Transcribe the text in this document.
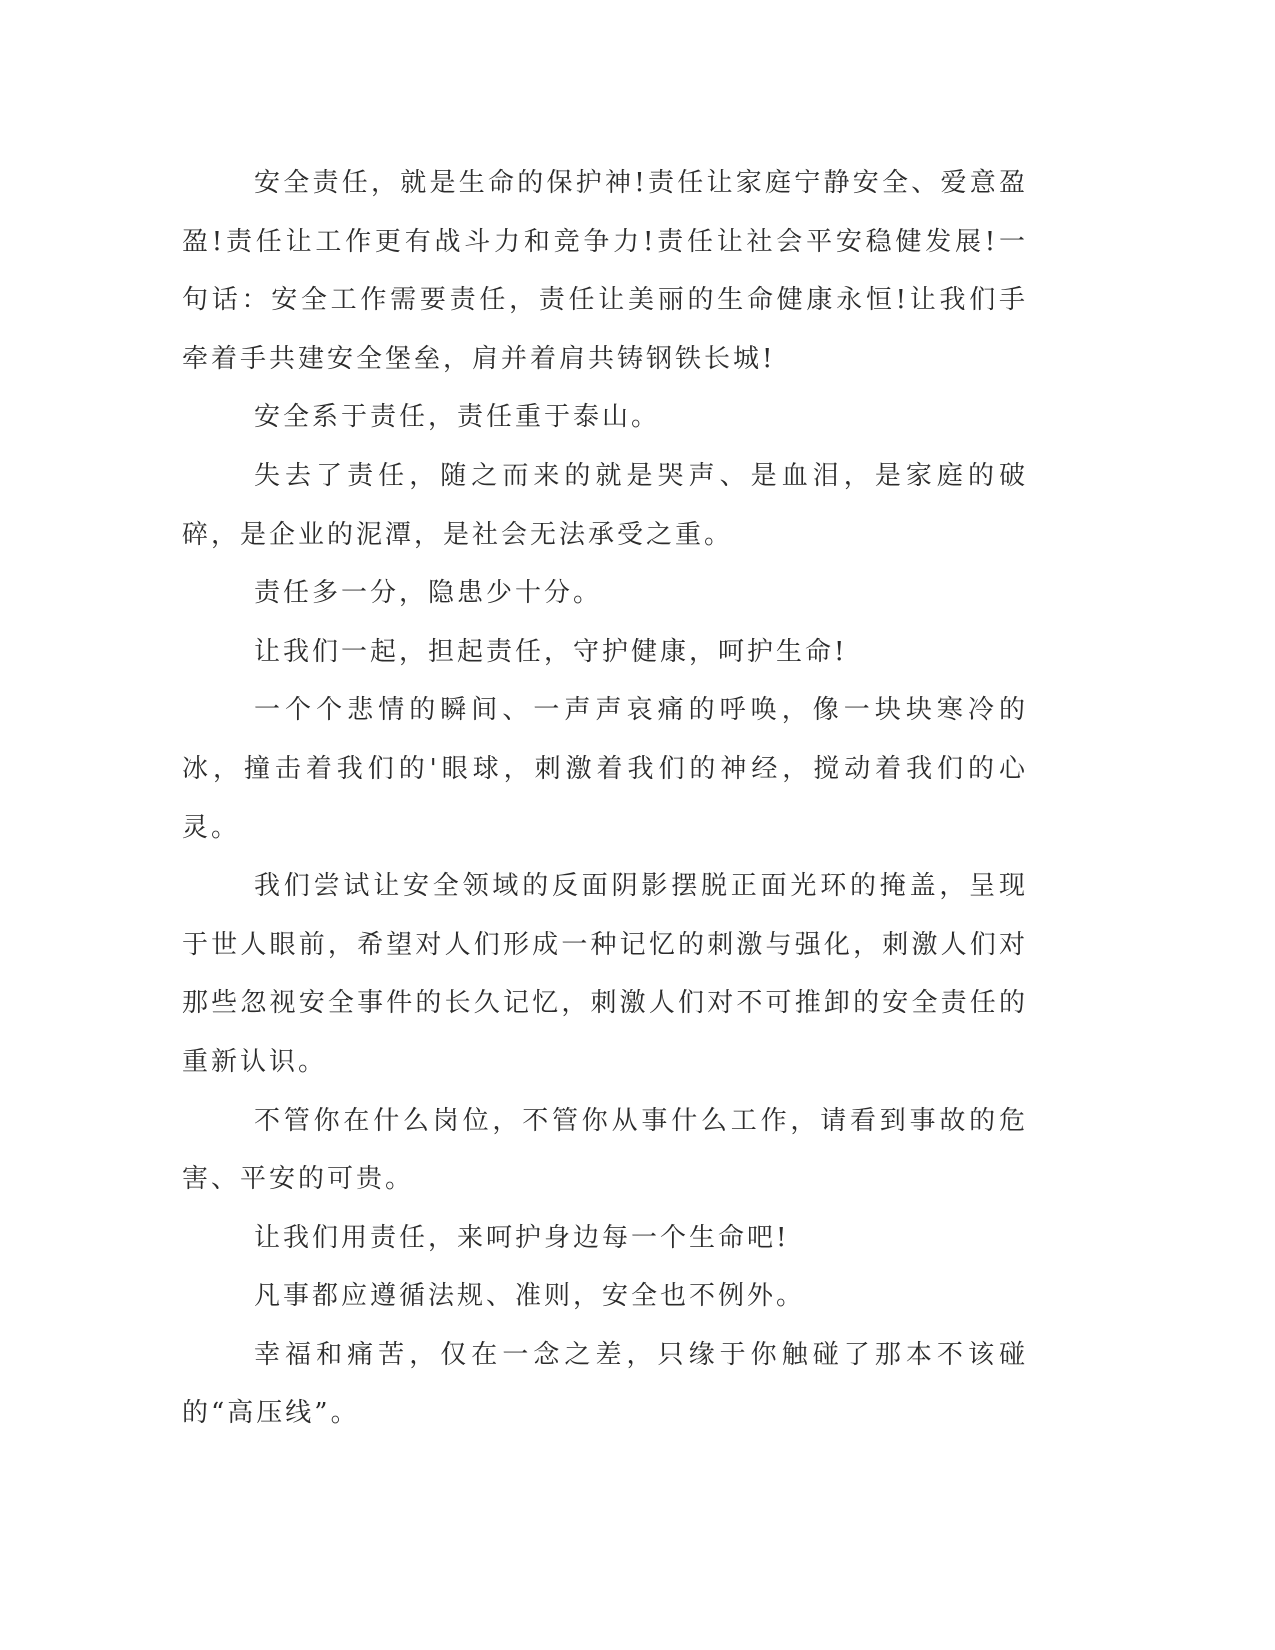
安全责任，就是生命的保护神!责任让家庭宁静安全、爱意盈盈!责任让工作更有战斗力和竞争力!责任让社会平安稳健发展!一句话：安全工作需要责任，责任让美丽的生命健康永恒!让我们手牵着手共建安全堡垒，肩并着肩共铸钢铁长城!

安全系于责任，责任重于泰山。

失去了责任，随之而来的就是哭声、是血泪，是家庭的破碎，是企业的泥潭，是社会无法承受之重。

责任多一分，隐患少十分。

让我们一起，担起责任，守护健康，呵护生命!

一个个悲情的瞬间、一声声哀痛的呼唤，像一块块寒冷的冰，撞击着我们的'眼球，刺激着我们的神经，搅动着我们的心灵。

我们尝试让安全领域的反面阴影摆脱正面光环的掩盖，呈现于世人眼前，希望对人们形成一种记忆的刺激与强化，刺激人们对那些忽视安全事件的长久记忆，刺激人们对不可推卸的安全责任的重新认识。

不管你在什么岗位，不管你从事什么工作，请看到事故的危害、平安的可贵。

让我们用责任，来呵护身边每一个生命吧!

凡事都应遵循法规、准则，安全也不例外。

幸福和痛苦，仅在一念之差，只缘于你触碰了那本不该碰的“高压线”。
